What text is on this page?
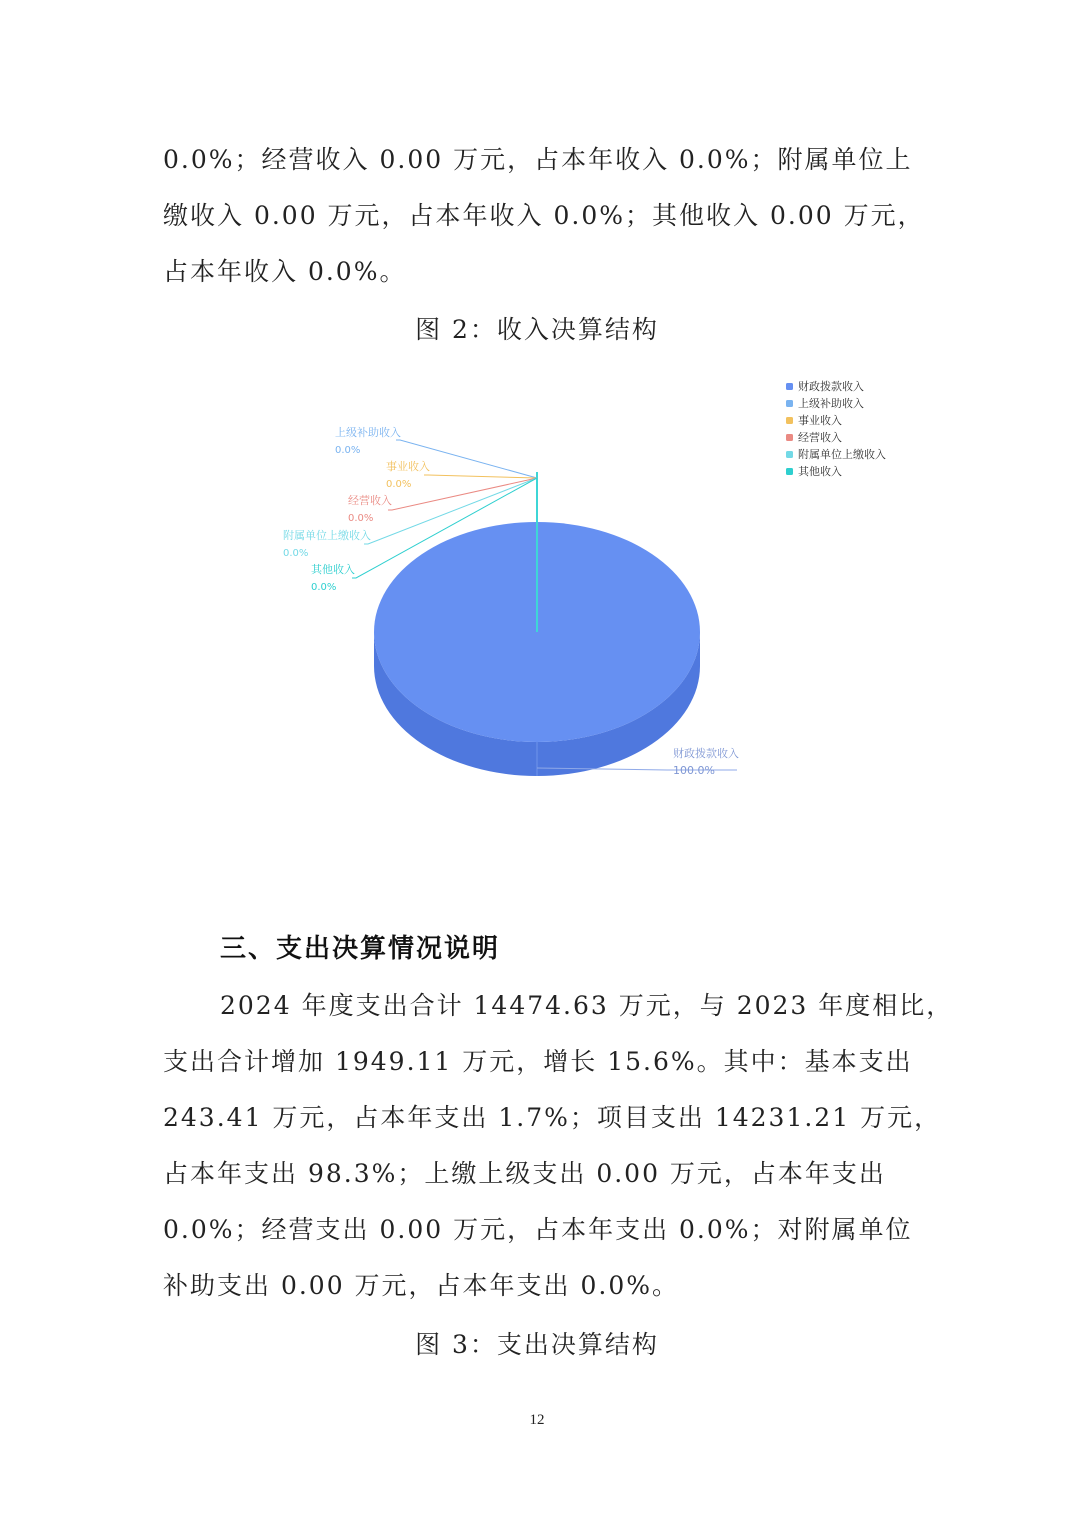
0.0%；经营收入 0.00 万元，占本年收入 0.0%；附属单位上
缴收入 0.00 万元，占本年收入 0.0%；其他收入 0.00 万元，
占本年收入 0.0%。
图 2：收入决算结构
财政拨款收入
100.0%
上级补助收入
0.0%
事业收入
0.0%
经营收入
0.0%
附属单位上缴收入
0.0%
其他收入
0.0%
财政拨款收入
上级补助收入
事业收入
经营收入
附属单位上缴收入
其他收入
三、支出决算情况说明
2024 年度支出合计 14474.63 万元，与 2023 年度相比，
支出合计增加 1949.11 万元，增长 15.6%。其中：基本支出
243.41 万元，占本年支出 1.7%；项目支出 14231.21 万元，
占本年支出 98.3%；上缴上级支出 0.00 万元，占本年支出
0.0%；经营支出 0.00 万元，占本年支出 0.0%；对附属单位
补助支出 0.00 万元，占本年支出 0.0%。
图 3：支出决算结构
12
